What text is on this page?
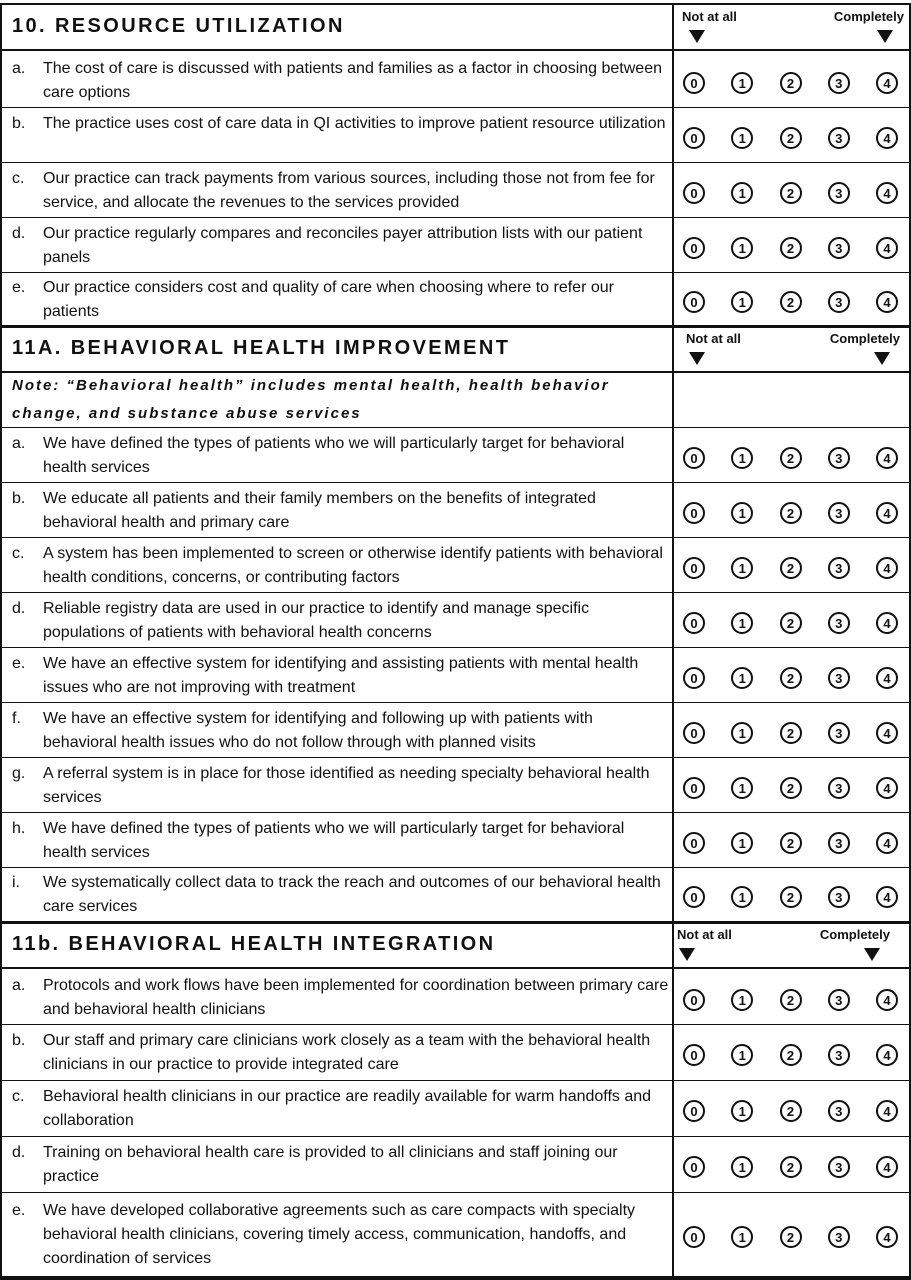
10. RESOURCE UTILIZATION	Not at all	Completely
a. The cost of care is discussed with patients and families as a factor in choosing between care options
0	1	2	3	4
b. The practice uses cost of care data in QI activities to improve patient resource utilization
0	1	2	3	4
c. Our practice can track payments from various sources, including those not from fee for service, and allocate the revenues to the services provided
0	1	2	3	4
d. Our practice regularly compares and reconciles payer attribution lists with our patient panels
0	1	2	3	4
e. Our practice considers cost and quality of care when choosing where to refer our patients
0	1	2	3	4
11A. BEHAVIORAL HEALTH IMPROVEMENT	Not at all	Completely
Note: “Behavioral health” includes mental health, health behavior change, and substance abuse services
a. We have defined the types of patients who we will particularly target for behavioral health services
0	1	2	3	4
b. We educate all patients and their family members on the benefits of integrated behavioral health and primary care
0	1	2	3	4
c. A system has been implemented to screen or otherwise identify patients with behavioral health conditions, concerns, or contributing factors
0	1	2	3	4
d. Reliable registry data are used in our practice to identify and manage specific populations of patients with behavioral health concerns
0	1	2	3	4
e. We have an effective system for identifying and assisting patients with mental health issues who are not improving with treatment
0	1	2	3	4
f. We have an effective system for identifying and following up with patients with behavioral health issues who do not follow through with planned visits
0	1	2	3	4
g. A referral system is in place for those identified as needing specialty behavioral health services
0	1	2	3	4
h. We have defined the types of patients who we will particularly target for behavioral health services
0	1	2	3	4
i. We systematically collect data to track the reach and outcomes of our behavioral health care services
0	1	2	3	4
11b. BEHAVIORAL HEALTH INTEGRATION	Not at all	Completely
a. Protocols and work flows have been implemented for coordination between primary care and behavioral health clinicians
0	1	2	3	4
b. Our staff and primary care clinicians work closely as a team with the behavioral health clinicians in our practice to provide integrated care
0	1	2	3	4
c. Behavioral health clinicians in our practice are readily available for warm handoffs and collaboration
0	1	2	3	4
d. Training on behavioral health care is provided to all clinicians and staff joining our practice
0	1	2	3	4
e. We have developed collaborative agreements such as care compacts with specialty behavioral health clinicians, covering timely access, communication, handoffs, and coordination of services
0	1	2	3	4
